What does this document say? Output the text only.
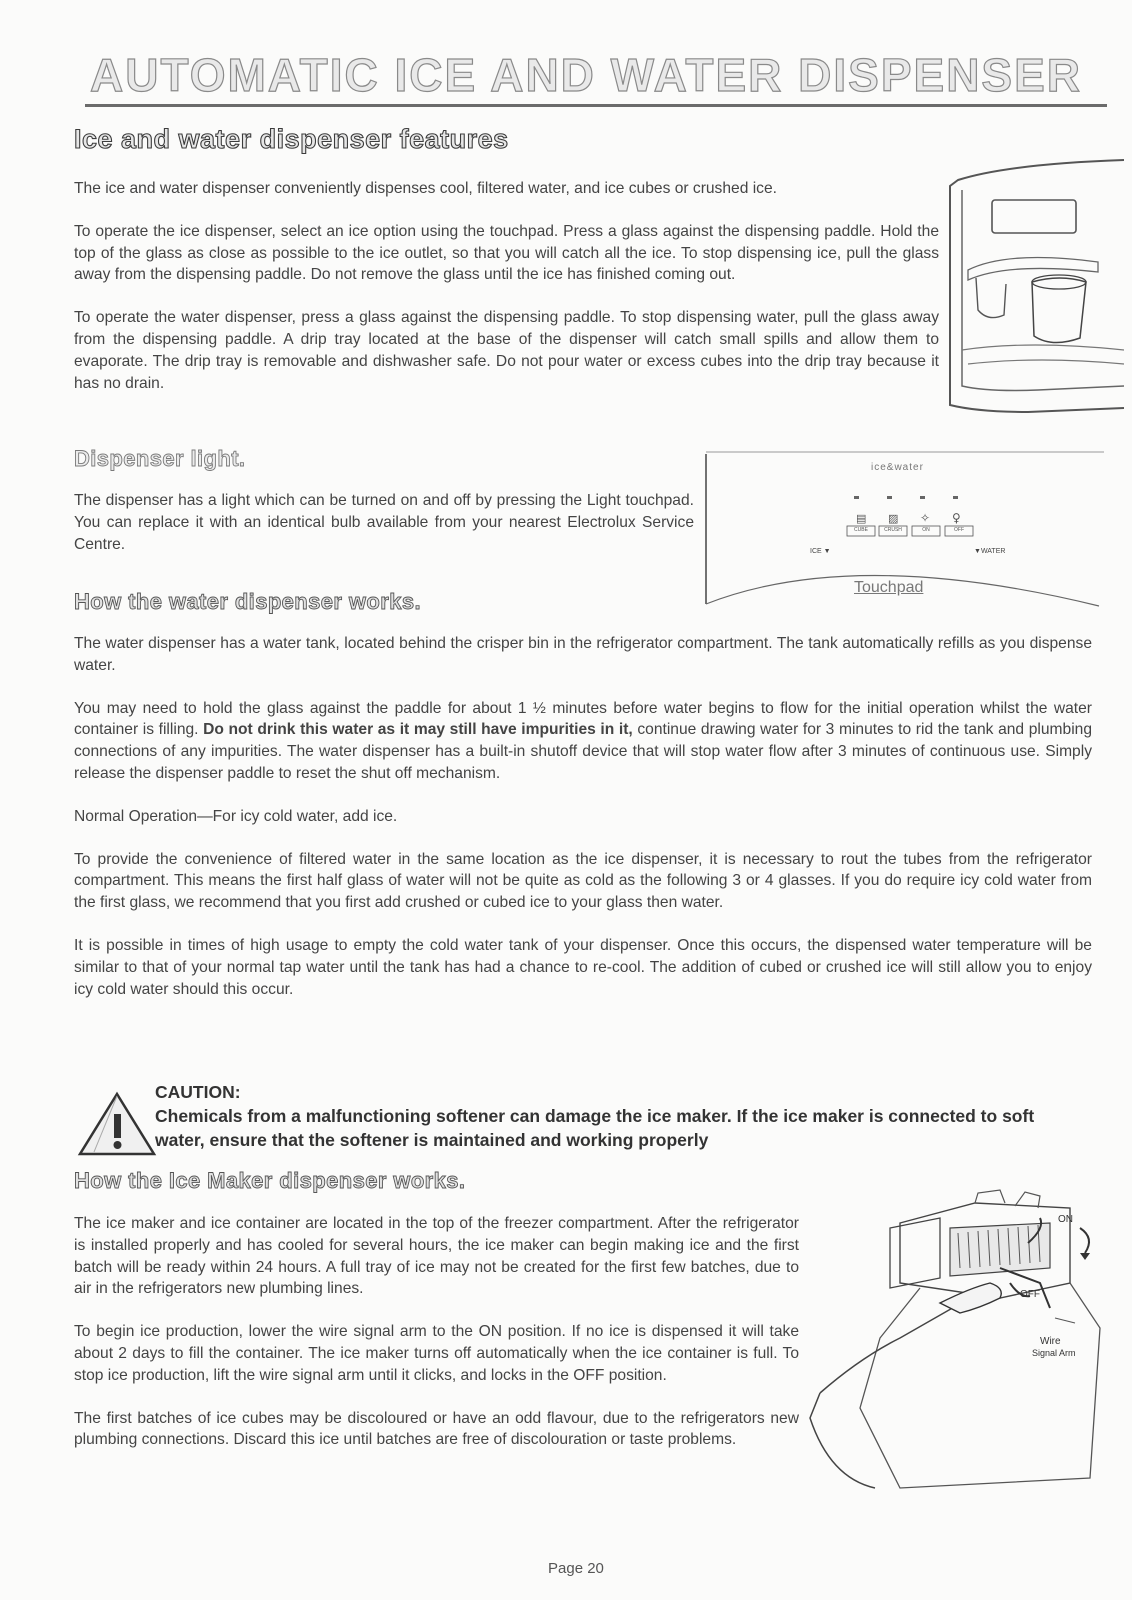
AUTOMATIC ICE AND WATER DISPENSER
Ice and water dispenser features

The ice and water dispenser conveniently dispenses cool, filtered water, and ice cubes or crushed ice.

To operate the ice dispenser, select an ice option using the touchpad. Press a glass against the dispensing paddle. Hold the top of the glass as close as possible to the ice outlet, so that you will catch all the ice. To stop dispensing ice, pull the glass away from the dispensing paddle. Do not remove the glass until the ice has finished coming out.

To operate the water dispenser, press a glass against the dispensing paddle. To stop dispensing water, pull the glass away from the dispensing paddle. A drip tray located at the base of the dispenser will catch small spills and allow them to evaporate. The drip tray is removable and dishwasher safe. Do not pour water or excess cubes into the drip tray because it has no drain.

Dispenser light.

The dispenser has a light which can be turned on and off by pressing the Light touchpad. You can replace it with an identical bulb available from your nearest Electrolux Service Centre.

▤ ▨ ✧ ♀
ice&water
CUBE	CRUSH	ON	OFF
ICE ▼	▼WATER
Touchpad
How the water dispenser works.

The water dispenser has a water tank, located behind the crisper bin in the refrigerator compartment. The tank automatically refills as you dispense water.

You may need to hold the glass against the paddle for about 1 ½ minutes before water begins to flow for the initial operation whilst the water container is filling. Do not drink this water as it may still have impurities in it, continue drawing water for 3 minutes to rid the tank and plumbing connections of any impurities. The water dispenser has a built-in shutoff device that will stop water flow after 3 minutes of continuous use. Simply release the dispenser paddle to reset the shut off mechanism.

Normal Operation—For icy cold water, add ice.

To provide the convenience of filtered water in the same location as the ice dispenser, it is necessary to rout the tubes from the refrigerator compartment. This means the first half glass of water will not be quite as cold as the following 3 or 4 glasses. If you do require icy cold water from the first glass, we recommend that you first add crushed or cubed ice to your glass then water.

It is possible in times of high usage to empty the cold water tank of your dispenser. Once this occurs, the dispensed water temperature will be similar to that of your normal tap water until the tank has had a chance to re-cool. The addition of cubed or crushed ice will still allow you to enjoy icy cold water should this occur.

CAUTION:
Chemicals from a malfunctioning softener can damage the ice maker. If the ice maker is connected to soft water, ensure that the softener is maintained and working properly
How the Ice Maker dispenser works.

The ice maker and ice container are located in the top of the freezer compartment. After the refrigerator is installed properly and has cooled for several hours, the ice maker can begin making ice and the first batch will be ready within 24 hours. A full tray of ice may not be created for the first few batches, due to air in the refrigerators new plumbing lines.

To begin ice production, lower the wire signal arm to the ON position. If no ice is dispensed it will take about 2 days to fill the container. The ice maker turns off automatically when the ice container is full. To stop ice production, lift the wire signal arm until it clicks, and locks in the OFF position.

The first batches of ice cubes may be discoloured or have an odd flavour, due to the refrigerators new plumbing connections. Discard this ice until batches are free of discolouration or taste problems.

ON
OFF
Wire
Signal Arm
Page 20
